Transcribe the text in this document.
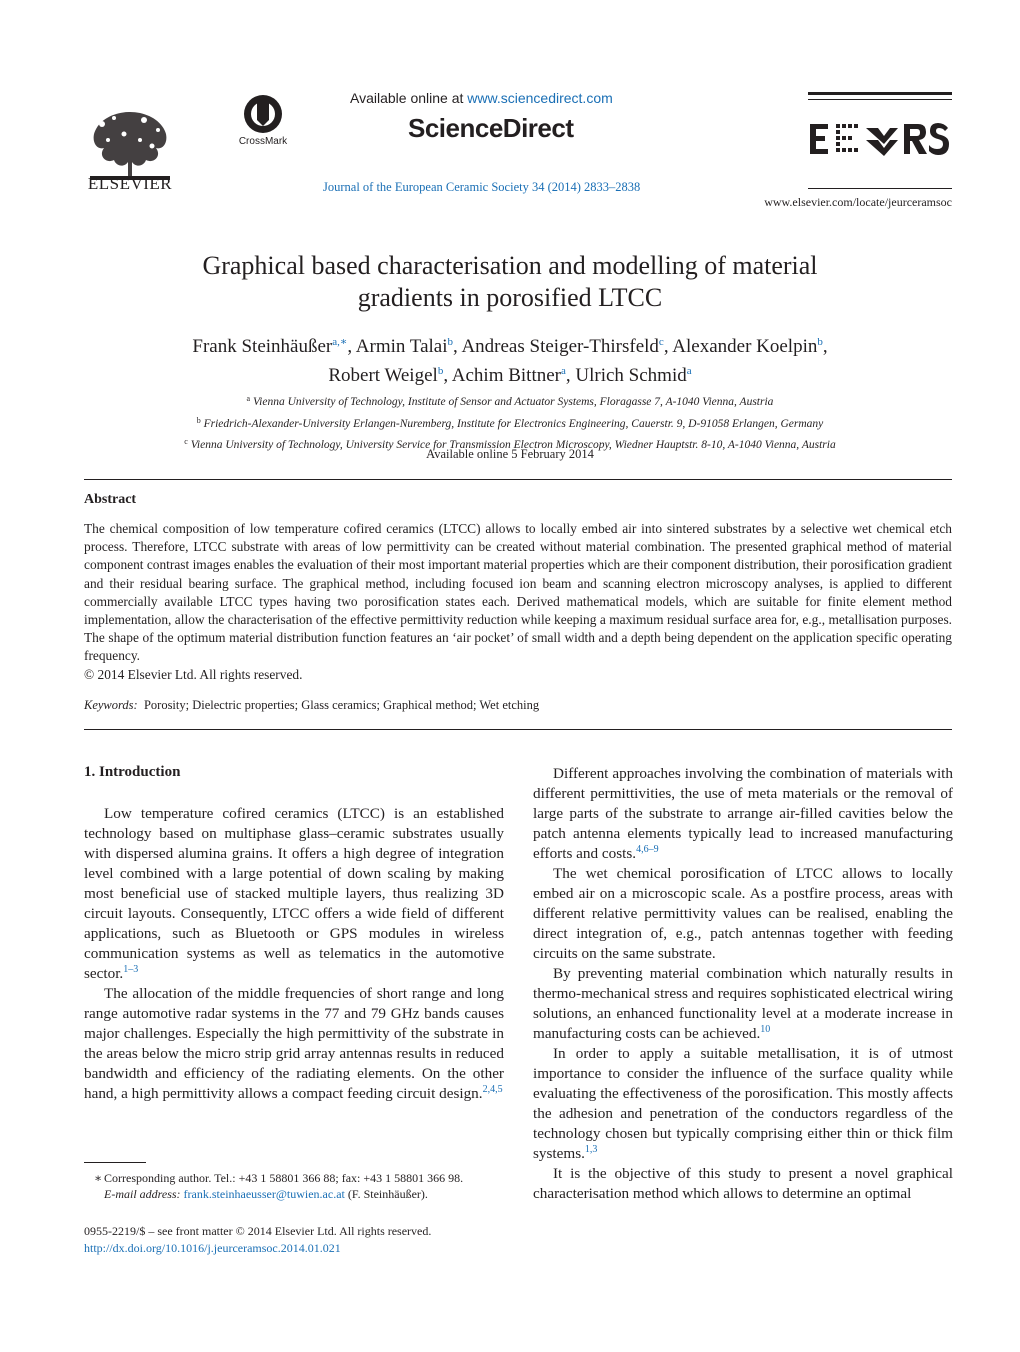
ELSEVIER
CrossMark
Available online at www.sciencedirect.com
ScienceDirect
Journal of the European Ceramic Society 34 (2014) 2833–2838
www.elsevier.com/locate/jeurceramsoc
Graphical based characterisation and modelling of material
gradients in porosified LTCC
Frank Steinhäußer$^{a,∗}$, Armin Talai$^b$, Andreas Steiger-Thirsfeld$^c$, Alexander Koelpin$^b$,
Robert Weigel$^b$, Achim Bittner$^a$, Ulrich Schmid$^a$
$^a$ Vienna University of Technology, Institute of Sensor and Actuator Systems, Floragasse 7, A-1040 Vienna, Austria
$^b$ Friedrich-Alexander-University Erlangen-Nuremberg, Institute for Electronics Engineering, Cauerstr. 9, D-91058 Erlangen, Germany
$^c$ Vienna University of Technology, University Service for Transmission Electron Microscopy, Wiedner Hauptstr. 8-10, A-1040 Vienna, Austria
Available online 5 February 2014
Abstract

The chemical composition of low temperature cofired ceramics (LTCC) allows to locally embed air into sintered substrates by a selective wet chemical etch process. Therefore, LTCC substrate with areas of low permittivity can be created without material combination. The presented graphical method of material component contrast images enables the evaluation of their most important material properties which are their component distribution, their porosification gradient and their residual bearing surface. The graphical method, including focused ion beam and scanning electron microscopy analyses, is applied to different commercially available LTCC types having two porosification states each. Derived mathematical models, which are suitable for finite element method implementation, allow the characterisation of the effective permittivity reduction while keeping a maximum residual surface area for, e.g., metallisation purposes. The shape of the optimum material distribution function features an ‘air pocket’ of small width and a depth being dependent on the application specific operating frequency.

© 2014 Elsevier Ltd. All rights reserved.

Keywords: Porosity; Dielectric properties; Glass ceramics; Graphical method; Wet etching
1. Introduction

Low temperature cofired ceramics (LTCC) is an established technology based on multiphase glass–ceramic substrates usually with dispersed alumina grains. It offers a high degree of integration level combined with a large potential of down scaling by making most beneficial use of stacked multiple layers, thus realizing 3D circuit layouts. Consequently, LTCC offers a wide field of different applications, such as Bluetooth or GPS modules in wireless communication systems as well as telematics in the automotive sector.$^{1-3}$

The allocation of the middle frequencies of short range and long range automotive radar systems in the 77 and 79 GHz bands causes major challenges. Especially the high permittivity of the substrate in the areas below the micro strip grid array antennas results in reduced bandwidth and efficiency of the radiating elements. On the other hand, a high permittivity allows a compact feeding circuit design.$^{2,4,5}$

Different approaches involving the combination of materials with different permittivities, the use of meta materials or the removal of large parts of the substrate to arrange air-filled cavities below the patch antenna elements typically lead to increased manufacturing efforts and costs.$^{4,6-9}$

The wet chemical porosification of LTCC allows to locally embed air on a microscopic scale. As a postfire process, areas with different relative permittivity values can be realised, enabling the direct integration of, e.g., patch antennas together with feeding circuits on the same substrate.

By preventing material combination which naturally results in thermo-mechanical stress and requires sophisticated electrical wiring solutions, an enhanced functionality level at a moderate increase in manufacturing costs can be achieved.$^{10}$

In order to apply a suitable metallisation, it is of utmost importance to consider the influence of the surface quality while evaluating the effectiveness of the porosification. This mostly affects the adhesion and penetration of the conductors regardless of the technology chosen but typically comprising either thin or thick film systems.$^{1,3}$

It is the objective of this study to present a novel graphical characterisation method which allows to determine an optimal

∗ Corresponding author. Tel.: +43 1 58801 366 88; fax: +43 1 58801 366 98.
E-mail address: frank.steinhaeusser@tuwien.ac.at (F. Steinhäußer).
0955-2219/$ – see front matter © 2014 Elsevier Ltd. All rights reserved.
http://dx.doi.org/10.1016/j.jeurceramsoc.2014.01.021
